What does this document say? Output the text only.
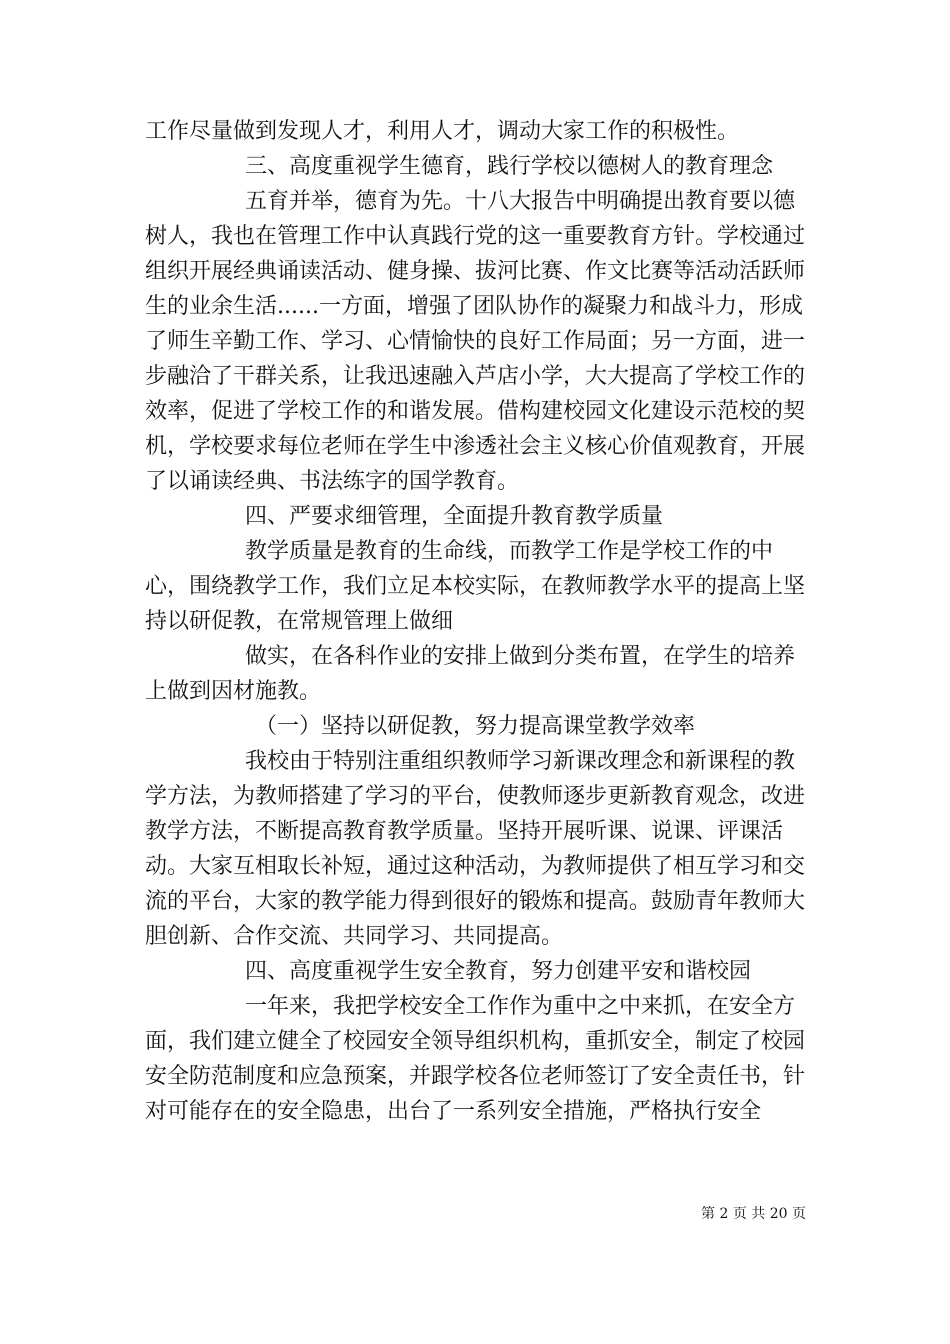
工作尽量做到发现人才，利用人才，调动大家工作的积极性。

三、高度重视学生德育，践行学校以德树人的教育理念

五育并举，德育为先。十八大报告中明确提出教育要以德树人，我也在管理工作中认真践行党的这一重要教育方针。学校通过组织开展经典诵读活动、健身操、拔河比赛、作文比赛等活动活跃师生的业余生活......一方面，增强了团队协作的凝聚力和战斗力，形成了师生辛勤工作、学习、心情愉快的良好工作局面；另一方面，进一步融洽了干群关系，让我迅速融入芦店小学，大大提高了学校工作的效率，促进了学校工作的和谐发展。借构建校园文化建设示范校的契机，学校要求每位老师在学生中渗透社会主义核心价值观教育，开展了以诵读经典、书法练字的国学教育。

四、严要求细管理，全面提升教育教学质量

教学质量是教育的生命线，而教学工作是学校工作的中心，围绕教学工作，我们立足本校实际，在教师教学水平的提高上坚持以研促教，在常规管理上做细

做实，在各科作业的安排上做到分类布置，在学生的培养上做到因材施教。

（一）坚持以研促教，努力提高课堂教学效率

我校由于特别注重组织教师学习新课改理念和新课程的教学方法，为教师搭建了学习的平台，使教师逐步更新教育观念，改进教学方法，不断提高教育教学质量。坚持开展听课、说课、评课活动。大家互相取长补短，通过这种活动，为教师提供了相互学习和交流的平台，大家的教学能力得到很好的锻炼和提高。鼓励青年教师大胆创新、合作交流、共同学习、共同提高。

四、高度重视学生安全教育，努力创建平安和谐校园

一年来，我把学校安全工作作为重中之中来抓，在安全方面，我们建立健全了校园安全领导组织机构，重抓安全，制定了校园安全防范制度和应急预案，并跟学校各位老师签订了安全责任书，针对可能存在的安全隐患，出台了一系列安全措施，严格执行安全

第 2 页 共 20 页
